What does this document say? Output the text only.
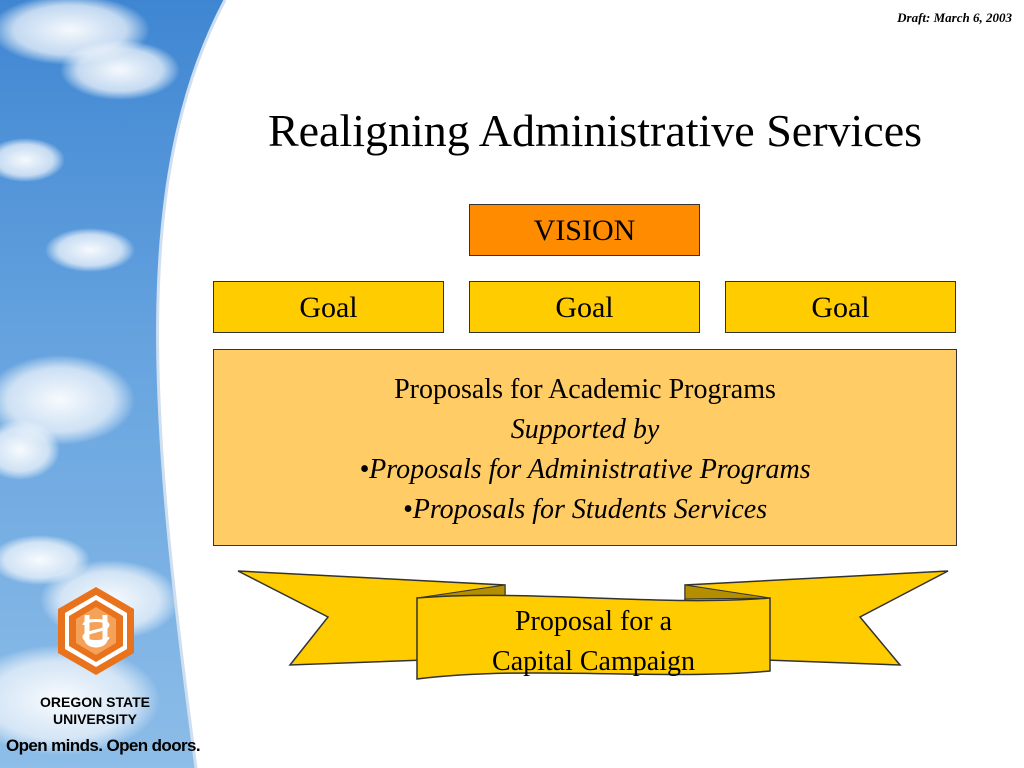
Draft: March 6, 2003
Realigning Administrative Services
VISION
Goal	Goal	Goal
Proposals for Academic Programs
Supported by
•Proposals for Administrative Programs
•Proposals for Students Services
Proposal for a
Capital Campaign
OREGON STATE
UNIVERSITY
Open minds. Open doors.
